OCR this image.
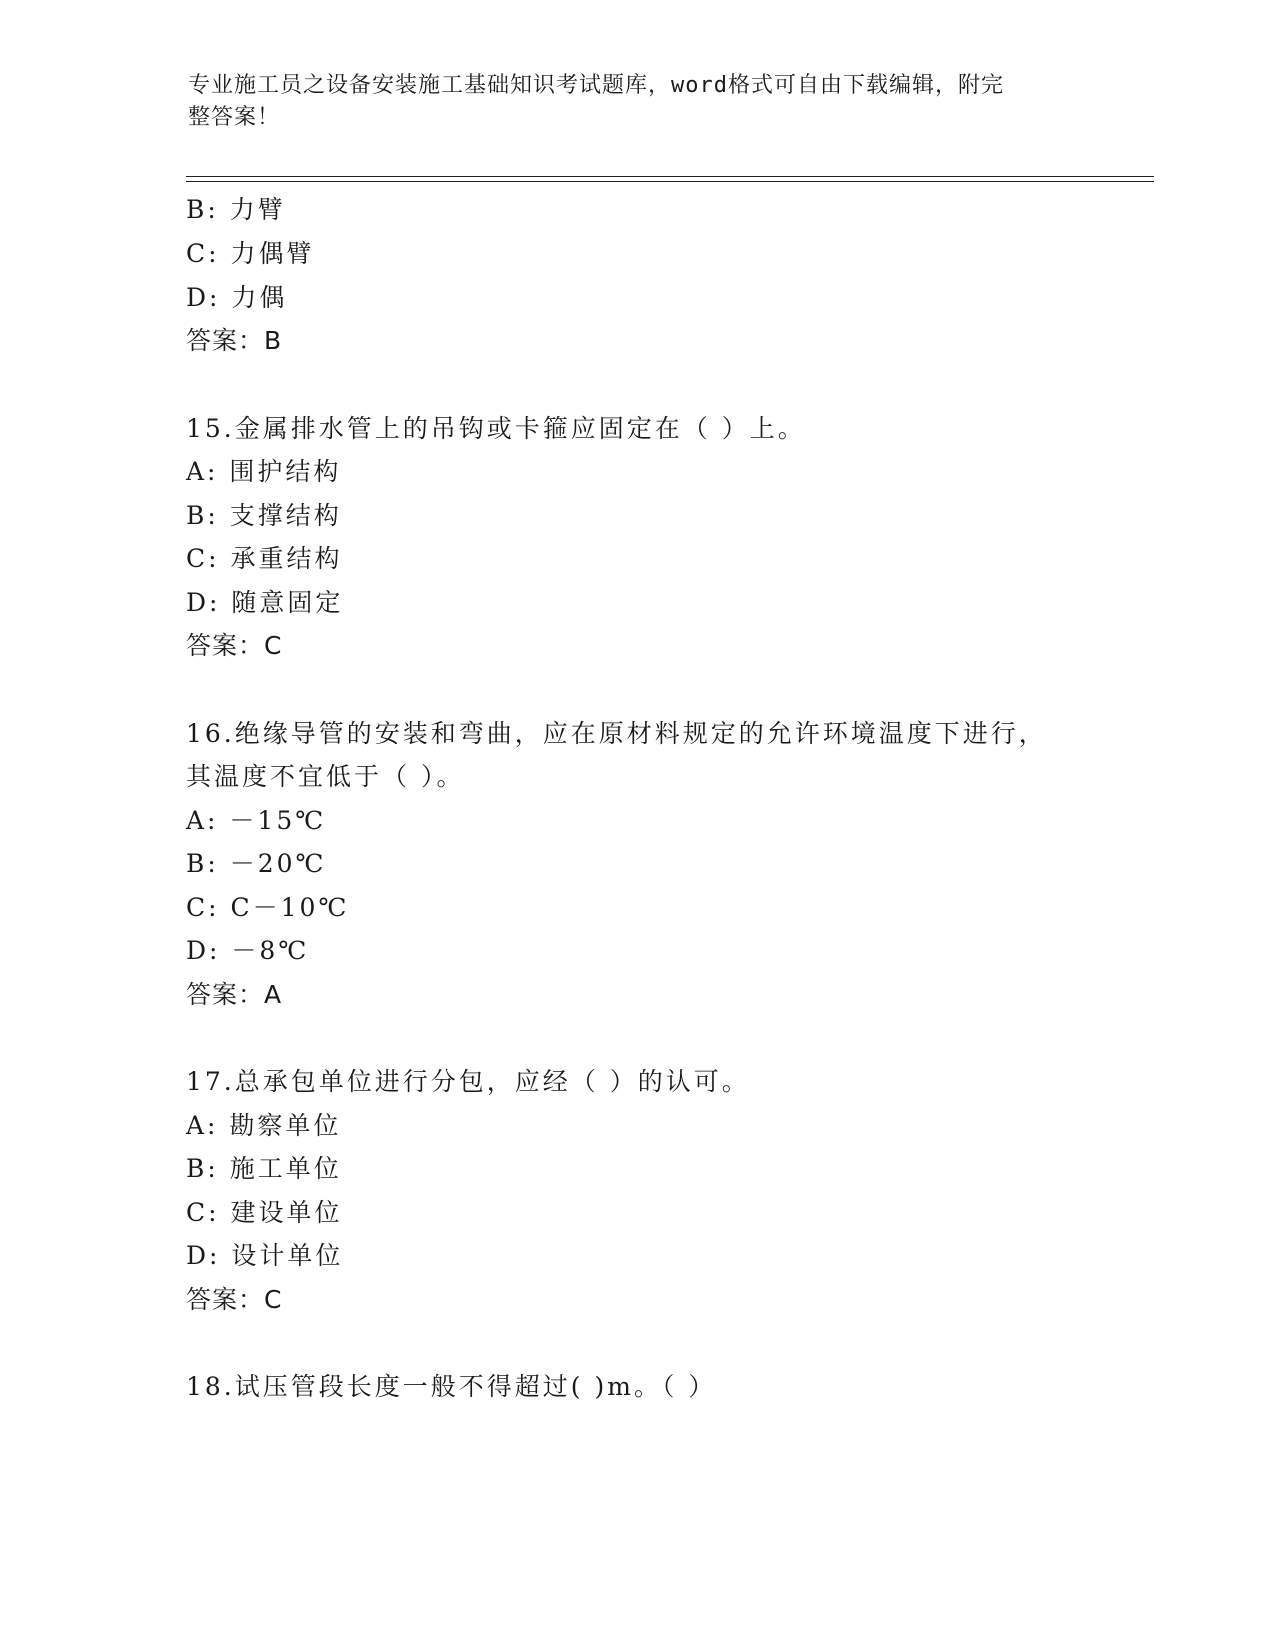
专业施工员之设备安装施工基础知识考试题库，word格式可自由下载编辑，附完
整答案！
B: 力臂
C: 力偶臂
D: 力偶
答案：B
15.金属排水管上的吊钩或卡箍应固定在（ ）上。
A: 围护结构
B: 支撑结构
C: 承重结构
D: 随意固定
答案：C
16.绝缘导管的安装和弯曲，应在原材料规定的允许环境温度下进行，
其温度不宜低于（ ）。
A: －15℃
B: －20℃
C: C－10℃
D: －8℃
答案：A
17.总承包单位进行分包，应经（ ）的认可。
A: 勘察单位
B: 施工单位
C: 建设单位
D: 设计单位
答案：C
18.试压管段长度一般不得超过( )m。（ ）
